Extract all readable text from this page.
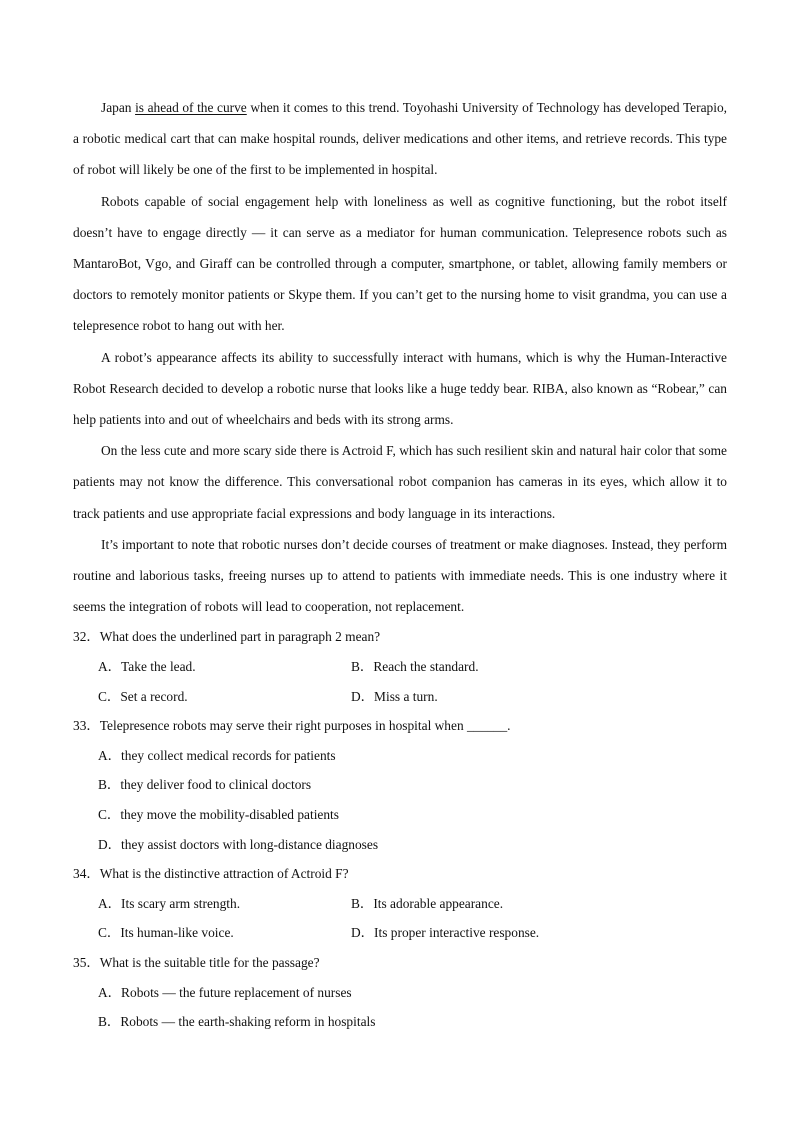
Japan is ahead of the curve when it comes to this trend. Toyohashi University of Technology has developed Terapio, a robotic medical cart that can make hospital rounds, deliver medications and other items, and retrieve records. This type of robot will likely be one of the first to be implemented in hospital.

Robots capable of social engagement help with loneliness as well as cognitive functioning, but the robot itself doesn’t have to engage directly — it can serve as a mediator for human communication. Telepresence robots such as MantaroBot, Vgo, and Giraff can be controlled through a computer, smartphone, or tablet, allowing family members or doctors to remotely monitor patients or Skype them. If you can’t get to the nursing home to visit grandma, you can use a telepresence robot to hang out with her.

A robot’s appearance affects its ability to successfully interact with humans, which is why the Human-Interactive Robot Research decided to develop a robotic nurse that looks like a huge teddy bear. RIBA, also known as “Robear,” can help patients into and out of wheelchairs and beds with its strong arms.

On the less cute and more scary side there is Actroid F, which has such resilient skin and natural hair color that some patients may not know the difference. This conversational robot companion has cameras in its eyes, which allow it to track patients and use appropriate facial expressions and body language in its interactions.

It’s important to note that robotic nurses don’t decide courses of treatment or make diagnoses. Instead, they perform routine and laborious tasks, freeing nurses up to attend to patients with immediate needs. This is one industry where it seems the integration of robots will lead to cooperation, not replacement.

32．What does the underlined part in paragraph 2 mean?

A．Take the lead.	B．Reach the standard.
C．Set a record.	D．Miss a turn.

33．Telepresence robots may serve their right purposes in hospital when ______.

A．they collect medical records for patients
B．they deliver food to clinical doctors
C．they move the mobility-disabled patients
D．they assist doctors with long-distance diagnoses

34．What is the distinctive attraction of Actroid F?

A．Its scary arm strength.	B．Its adorable appearance.
C．Its human-like voice.	D．Its proper interactive response.

35．What is the suitable title for the passage?

A．Robots — the future replacement of nurses
B．Robots — the earth-shaking reform in hospitals
